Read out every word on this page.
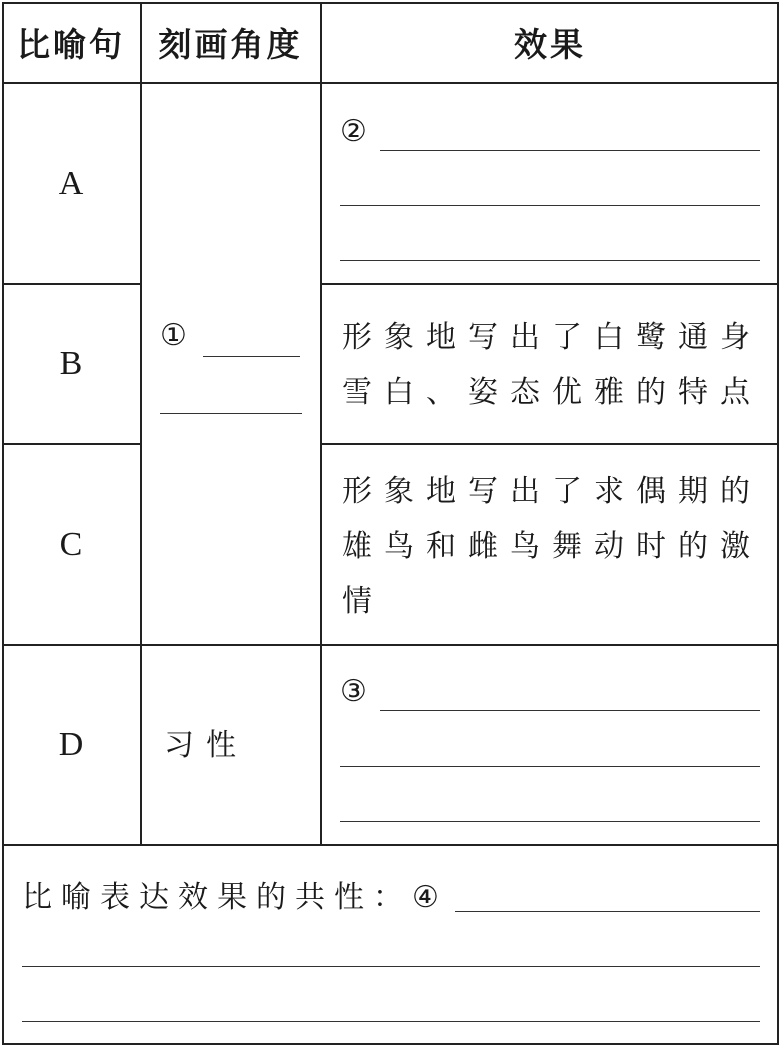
比喻句	刻画角度	效果
A
B
C
D
①
习性
②
形象地写出了白鹭通身雪白、姿态优雅的特点
形象地写出了求偶期的雄鸟和雌鸟舞动时的激情
③
比喻表达效果的共性：④
